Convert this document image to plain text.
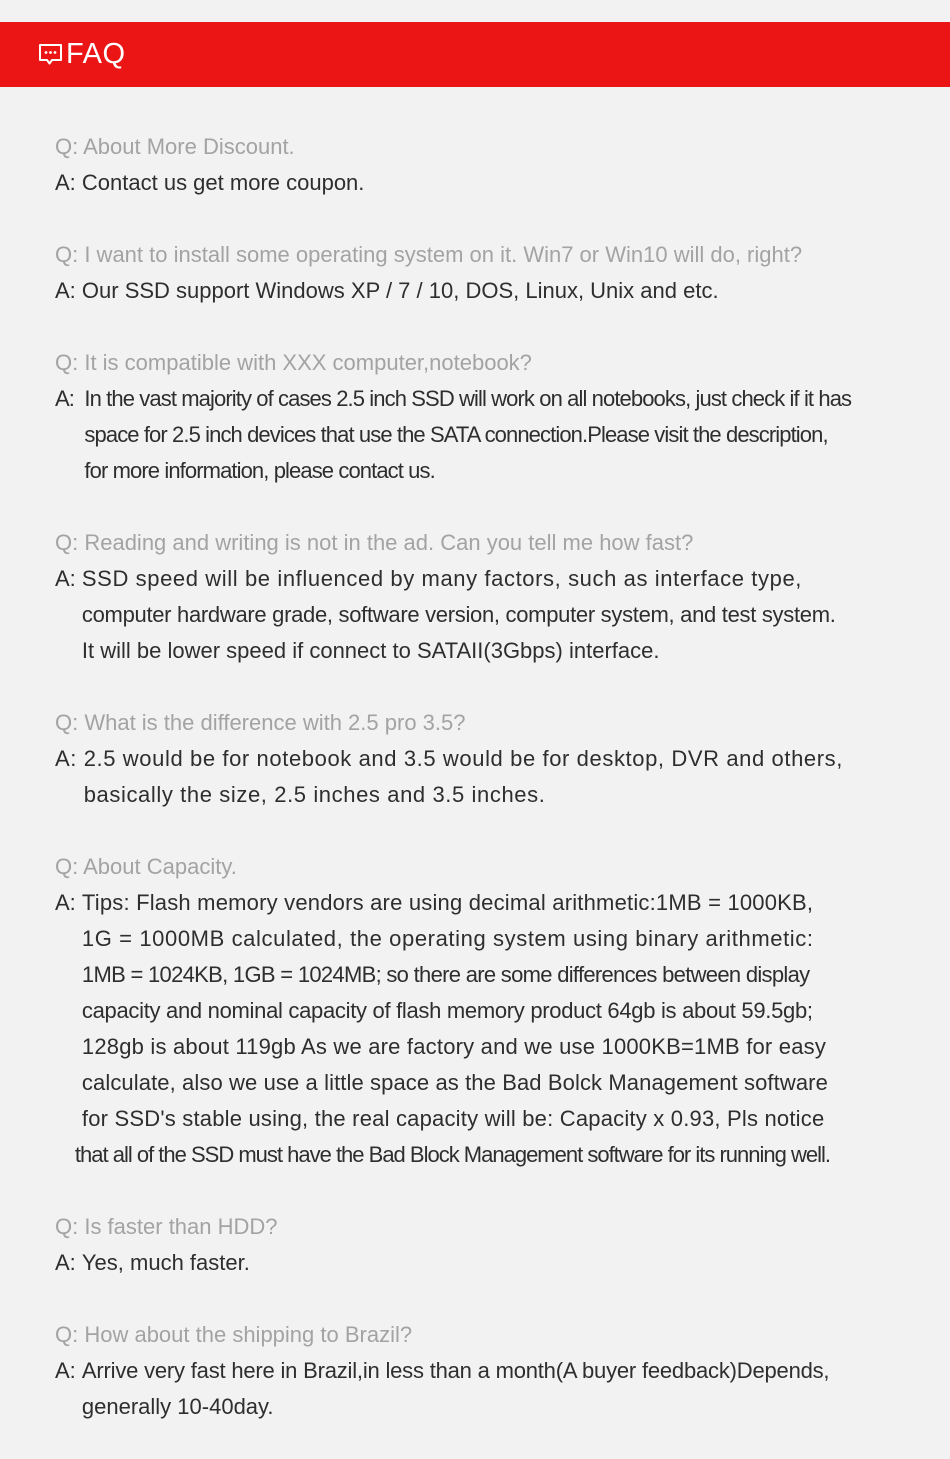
FAQ
Q: About More Discount.
A: Contact us get more coupon.
Q: I want to install some operating system on it. Win7 or Win10 will do, right?
A: Our SSD support Windows XP / 7 / 10, DOS, Linux, Unix and etc.
Q: It is compatible with XXX computer,notebook?
A: In the vast majority of cases 2.5 inch SSD will work on all notebooks, just check if it has
space for 2.5 inch devices that use the SATA connection.Please visit the description,
for more information, please contact us.
Q: Reading and writing is not in the ad. Can you tell me how fast?
A: SSD speed will be influenced by many factors, such as interface type,
computer hardware grade, software version, computer system, and test system.
It will be lower speed if connect to SATAII(3Gbps) interface.
Q: What is the difference with 2.5 pro 3.5?
A: 2.5 would be for notebook and 3.5 would be for desktop, DVR and others,
basically the size, 2.5 inches and 3.5 inches.
Q: About Capacity.
A: Tips: Flash memory vendors are using decimal arithmetic:1MB = 1000KB,
1G = 1000MB calculated, the operating system using binary arithmetic:
1MB = 1024KB, 1GB = 1024MB; so there are some differences between display
capacity and nominal capacity of flash memory product 64gb is about 59.5gb;
128gb is about 119gb As we are factory and we use 1000KB=1MB for easy
calculate, also we use a little space as the Bad Bolck Management software
for SSD's stable using, the real capacity will be: Capacity x 0.93, Pls notice
that all of the SSD must have the Bad Block Management software for its running well.
Q: Is faster than HDD?
A: Yes, much faster.
Q: How about the shipping to Brazil?
A: Arrive very fast here in Brazil,in less than a month(A buyer feedback)Depends,
generally 10-40day.
